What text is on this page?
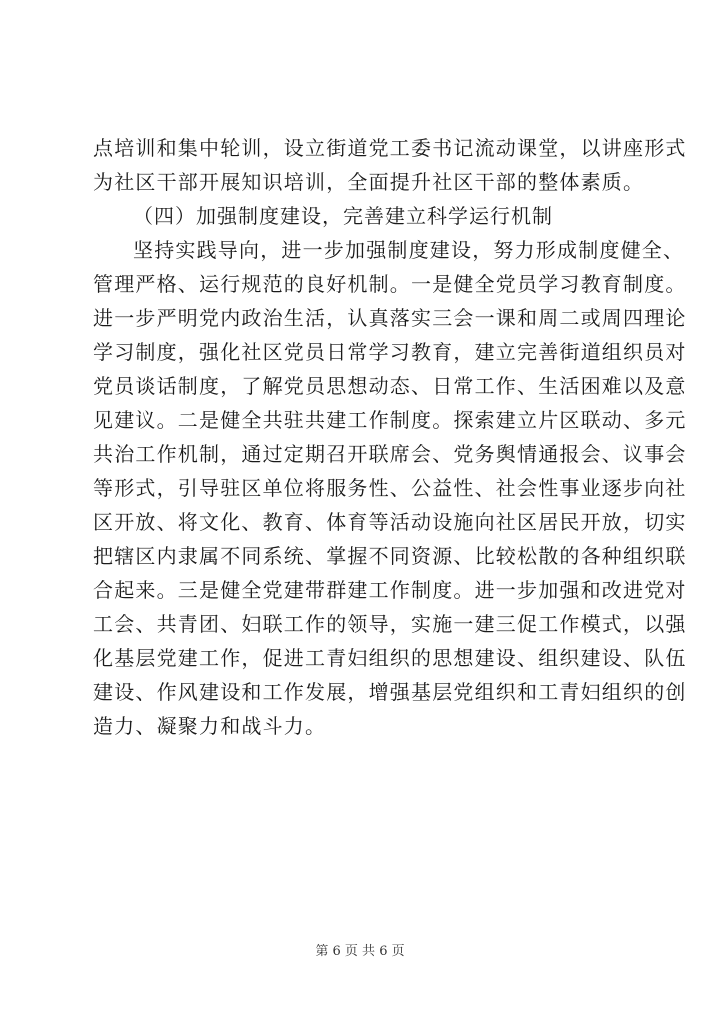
点培训和集中轮训，设立街道党工委书记流动课堂，以讲座形式
为社区干部开展知识培训，全面提升社区干部的整体素质。
（四）加强制度建设，完善建立科学运行机制
坚持实践导向，进一步加强制度建设，努力形成制度健全、
管理严格、运行规范的良好机制。一是健全党员学习教育制度。
进一步严明党内政治生活，认真落实三会一课和周二或周四理论
学习制度，强化社区党员日常学习教育，建立完善街道组织员对
党员谈话制度，了解党员思想动态、日常工作、生活困难以及意
见建议。二是健全共驻共建工作制度。探索建立片区联动、多元
共治工作机制，通过定期召开联席会、党务舆情通报会、议事会
等形式，引导驻区单位将服务性、公益性、社会性事业逐步向社
区开放、将文化、教育、体育等活动设施向社区居民开放，切实
把辖区内隶属不同系统、掌握不同资源、比较松散的各种组织联
合起来。三是健全党建带群建工作制度。进一步加强和改进党对
工会、共青团、妇联工作的领导，实施一建三促工作模式，以强
化基层党建工作，促进工青妇组织的思想建设、组织建设、队伍
建设、作风建设和工作发展，增强基层党组织和工青妇组织的创
造力、凝聚力和战斗力。
第 6 页 共 6 页
